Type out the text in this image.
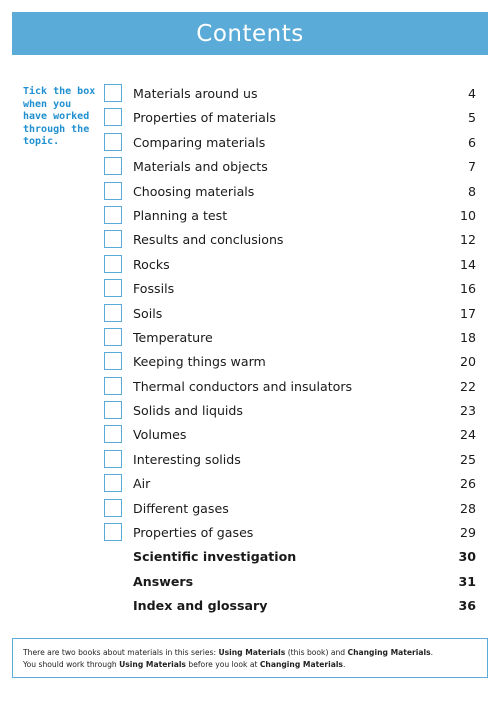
Contents
Tick the box when you have worked through the topic.
Materials around us	4
Properties of materials	5
Comparing materials	6
Materials and objects	7
Choosing materials	8
Planning a test	10
Results and conclusions	12
Rocks	14
Fossils	16
Soils	17
Temperature	18
Keeping things warm	20
Thermal conductors and insulators	22
Solids and liquids	23
Volumes	24
Interesting solids	25
Air	26
Different gases	28
Properties of gases	29
Scientific investigation	30
Answers	31
Index and glossary	36
There are two books about materials in this series: Using Materials (this book) and Changing Materials.
You should work through Using Materials before you look at Changing Materials.
